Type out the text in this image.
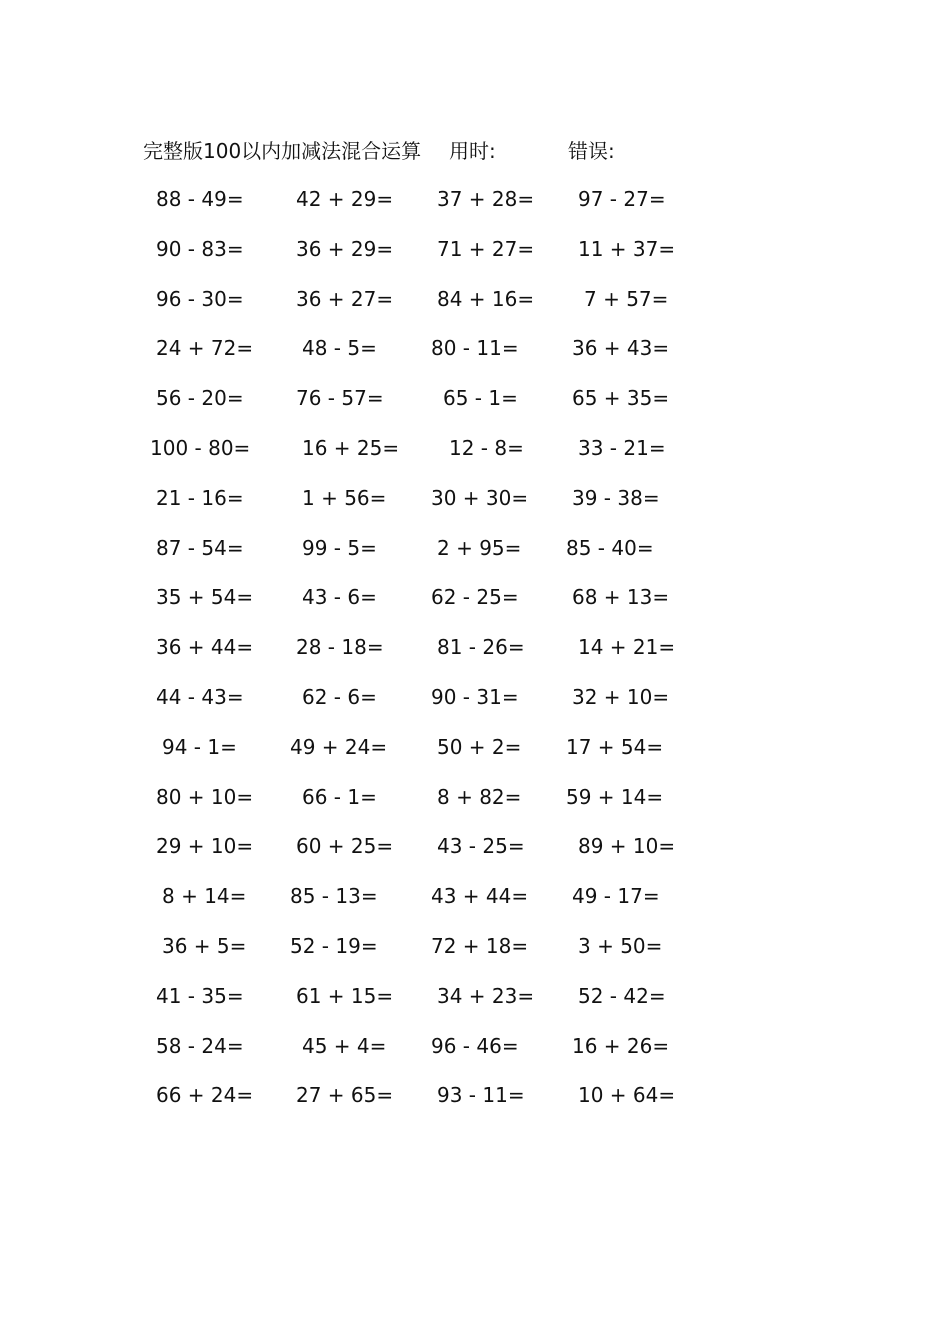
完整版100以内加减法混合运算 用时:	错误:
88 - 49=	42 + 29= 37 + 28= 97 - 27=
90 - 83=	36 + 29= 71 + 27= 11 + 37=
96 - 30=	36 + 27= 84 + 16= 7 + 57=
24 + 72= 48 - 5=	80 - 11=	36 + 43=
56 - 20=	76 - 57=	65 - 1=	65 + 35=
100 - 80=	16 + 25= 12 - 8=	33 - 21=
21 - 16=	1 + 56= 30 + 30= 39 - 38=
87 - 54=	99 - 5=	2 + 95= 85 - 40=
35 + 54= 43 - 6=	62 - 25=	68 + 13=
36 + 44= 28 - 18=	81 - 26=	14 + 21=
44 - 43=	62 - 6=	90 - 31=	32 + 10=
94 - 1=	49 + 24= 50 + 2= 17 + 54=
80 + 10= 66 - 1=	8 + 82= 59 + 14=
29 + 10= 60 + 25= 43 - 25=	89 + 10=
8 + 14= 85 - 13=	43 + 44= 49 - 17=
36 + 5= 52 - 19=	72 + 18= 3 + 50=
41 - 35=	61 + 15= 34 + 23= 52 - 42=
58 - 24=	45 + 4= 96 - 46=	16 + 26=
66 + 24= 27 + 65= 93 - 11=	10 + 64=
